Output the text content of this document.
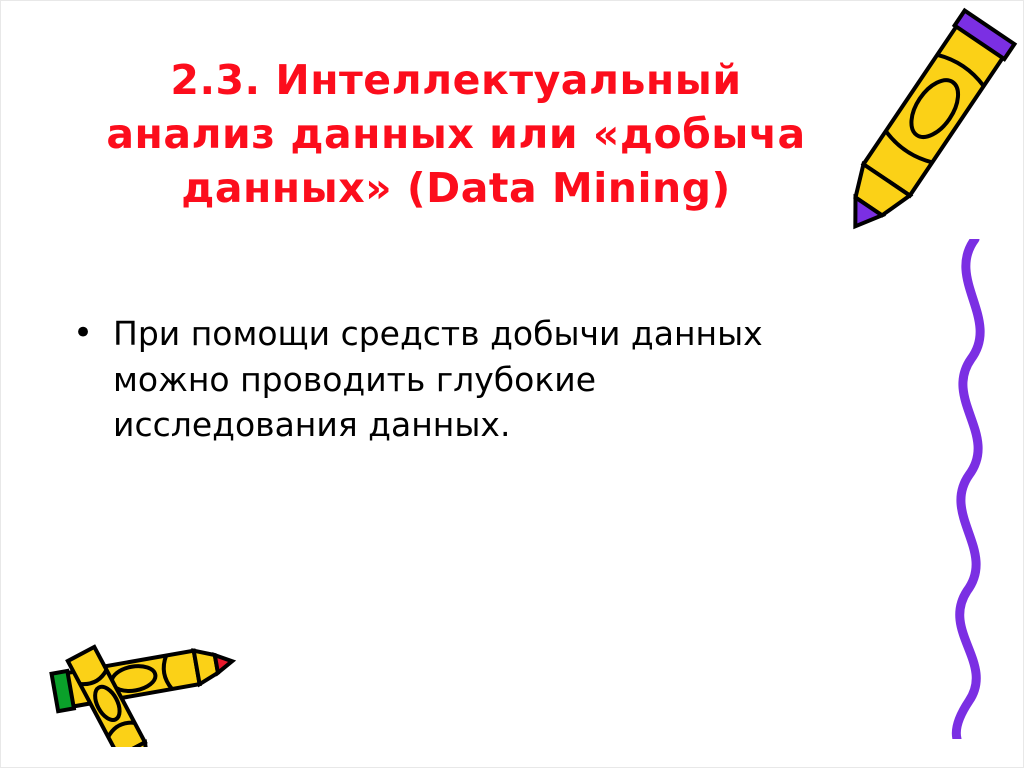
2.3. Интеллектуальный
анализ данных или «добыча
данных» (Data Mining)
• При помощи средств добычи данных можно проводить глубокие исследования данных.
